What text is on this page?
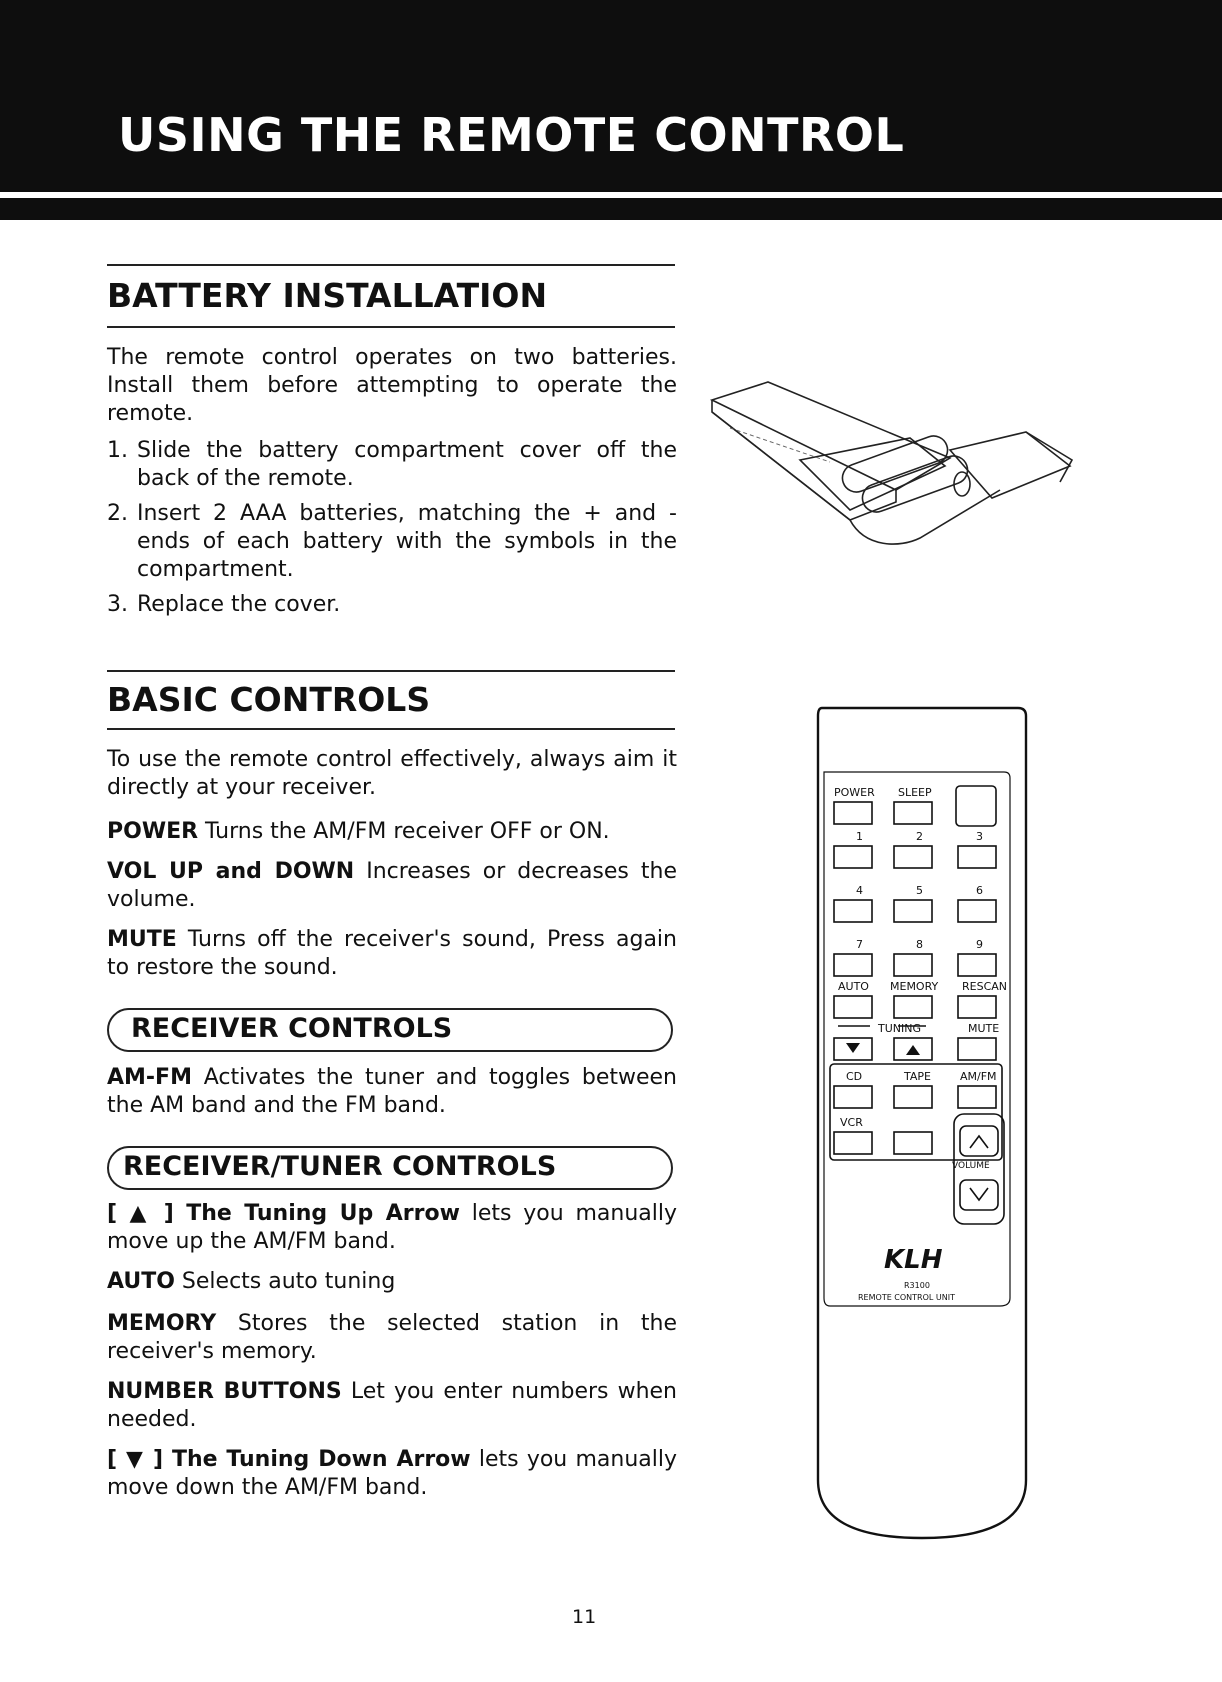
USING THE REMOTE CONTROL
BATTERY INSTALLATION
The remote control operates on two batteries. Install them before attempting to operate the remote.
1. Slide the battery compartment cover off the back of the remote.
2. Insert 2 AAA batteries, matching the + and - ends of each battery with the symbols in the compartment.
3. Replace the cover.
BASIC CONTROLS
To use the remote control effectively, always aim it directly at your receiver.
POWER Turns the AM/FM receiver OFF or ON.
VOL UP and DOWN Increases or decreases the volume.
MUTE Turns off the receiver's sound, Press again to restore the sound.
RECEIVER CONTROLS
AM-FM Activates the tuner and toggles between the AM band and the FM band.
RECEIVER/TUNER CONTROLS
[ ▲ ] The Tuning Up Arrow lets you manually move up the AM/FM band.
AUTO Selects auto tuning
MEMORY Stores the selected station in the receiver's memory.
NUMBER BUTTONS Let you enter numbers when needed.
[ ▼ ] The Tuning Down Arrow lets you manually move down the AM/FM band.
POWER SLEEP
1	2	3
4	5	6
7	8	9
AUTO MEMORY RESCAN
TUNING	MUTE
CD	TAPE	AM/FM
VCR
VOLUME
KLH
R3100
REMOTE CONTROL UNIT
11
